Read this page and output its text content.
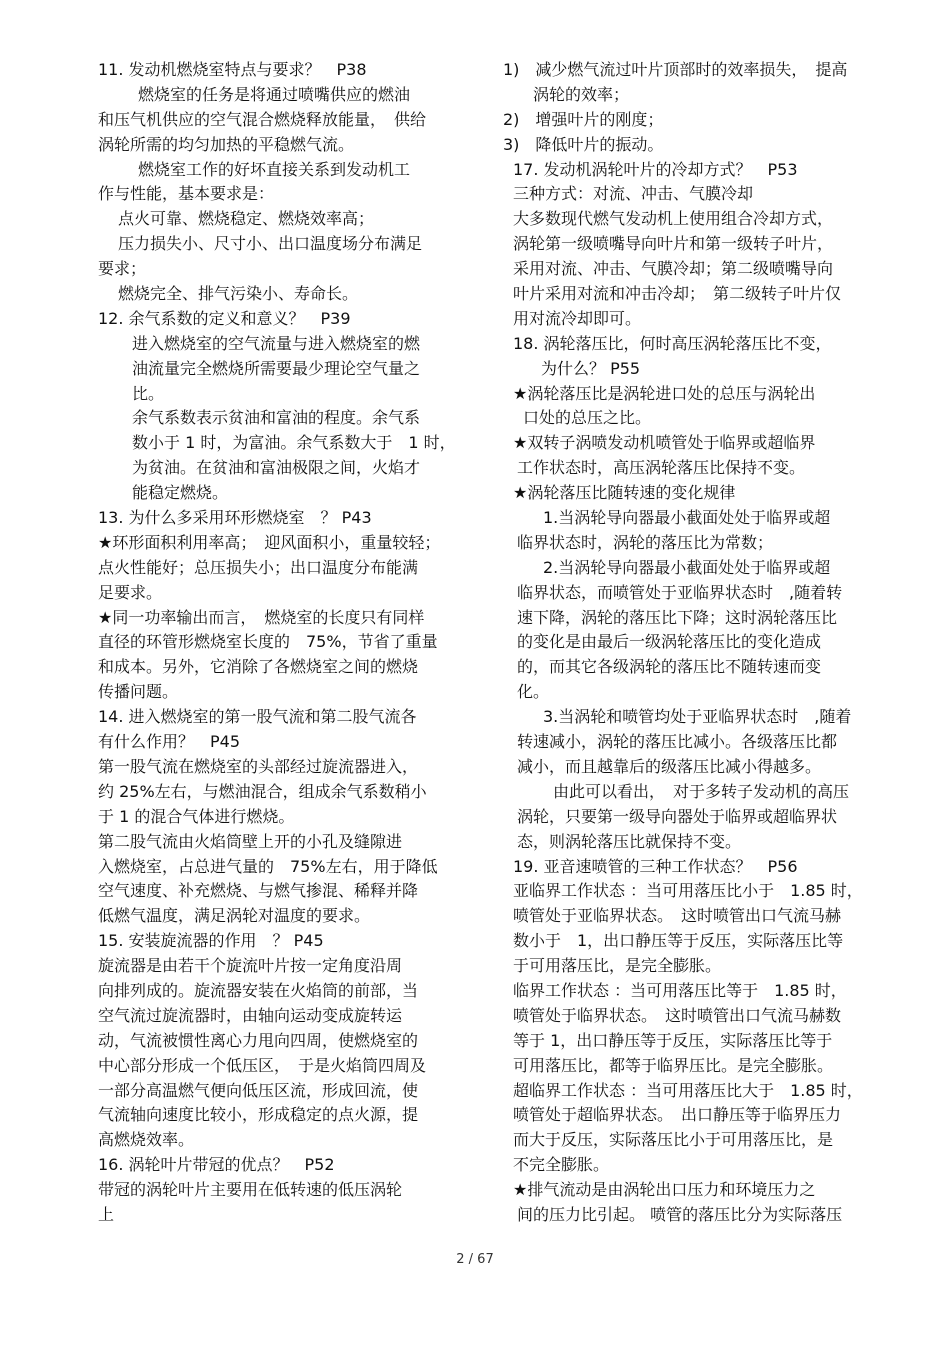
11. 发动机燃烧室特点与要求？　P38
燃烧室的任务是将通过喷嘴供应的燃油
和压气机供应的空气混合燃烧释放能量，　供给
涡轮所需的均匀加热的平稳燃气流。
燃烧室工作的好坏直接关系到发动机工
作与性能，基本要求是：
点火可靠、燃烧稳定、燃烧效率高；
压力损失小、尺寸小、出口温度场分布满足
要求；
燃烧完全、排气污染小、寿命长。
12. 余气系数的定义和意义？　P39
进入燃烧室的空气流量与进入燃烧室的燃
油流量完全燃烧所需要最少理论空气量之
比。
余气系数表示贫油和富油的程度。余气系
数小于 1 时，为富油。余气系数大于　1 时，
为贫油。在贫油和富油极限之间，火焰才
能稳定燃烧。
13. 为什么多采用环形燃烧室　？ P43
★环形面积利用率高；　迎风面积小，重量较轻；
点火性能好；总压损失小；出口温度分布能满
足要求。
★同一功率输出而言，　燃烧室的长度只有同样
直径的环管形燃烧室长度的　75%，节省了重量
和成本。另外，它消除了各燃烧室之间的燃烧
传播问题。
14. 进入燃烧室的第一股气流和第二股气流各
有什么作用？　P45
第一股气流在燃烧室的头部经过旋流器进入，
约 25%左右，与燃油混合，组成余气系数稍小
于 1 的混合气体进行燃烧。
第二股气流由火焰筒壁上开的小孔及缝隙进
入燃烧室，占总进气量的　75%左右，用于降低
空气速度、补充燃烧、与燃气掺混、稀释并降
低燃气温度，满足涡轮对温度的要求。
15. 安装旋流器的作用　？ P45
旋流器是由若干个旋流叶片按一定角度沿周
向排列成的。旋流器安装在火焰筒的前部，当
空气流过旋流器时，由轴向运动变成旋转运
动，气流被惯性离心力甩向四周，使燃烧室的
中心部分形成一个低压区，　于是火焰筒四周及
一部分高温燃气便向低压区流，形成回流，使
气流轴向速度比较小，形成稳定的点火源，提
高燃烧效率。
16. 涡轮叶片带冠的优点？　P52
带冠的涡轮叶片主要用在低转速的低压涡轮
上
1)　减少燃气流过叶片顶部时的效率损失，　提高
涡轮的效率；
2)　增强叶片的刚度；
3)　降低叶片的振动。
17. 发动机涡轮叶片的冷却方式？　P53
三种方式：对流、冲击、气膜冷却
大多数现代燃气发动机上使用组合冷却方式，
涡轮第一级喷嘴导向叶片和第一级转子叶片，
采用对流、冲击、气膜冷却；第二级喷嘴导向
叶片采用对流和冲击冷却；　第二级转子叶片仅
用对流冷却即可。
18. 涡轮落压比，何时高压涡轮落压比不变，
为什么？ P55
★涡轮落压比是涡轮进口处的总压与涡轮出
口处的总压之比。
★双转子涡喷发动机喷管处于临界或超临界
工作状态时，高压涡轮落压比保持不变。
★涡轮落压比随转速的变化规律
1.当涡轮导向器最小截面处处于临界或超
临界状态时，涡轮的落压比为常数；
2.当涡轮导向器最小截面处处于临界或超
临界状态，而喷管处于亚临界状态时　,随着转
速下降，涡轮的落压比下降；这时涡轮落压比
的变化是由最后一级涡轮落压比的变化造成
的，而其它各级涡轮的落压比不随转速而变
化。
3.当涡轮和喷管均处于亚临界状态时　,随着
转速减小，涡轮的落压比减小。各级落压比都
减小，而且越靠后的级落压比减小得越多。
由此可以看出，　对于多转子发动机的高压
涡轮，只要第一级导向器处于临界或超临界状
态，则涡轮落压比就保持不变。
19. 亚音速喷管的三种工作状态？　P56
亚临界工作状态 ：当可用落压比小于　1.85 时，
喷管处于亚临界状态。　这时喷管出口气流马赫
数小于　1，出口静压等于反压，实际落压比等
于可用落压比，是完全膨胀。
临界工作状态 ：当可用落压比等于　1.85 时，
喷管处于临界状态。　这时喷管出口气流马赫数
等于 1，出口静压等于反压，实际落压比等于
可用落压比，都等于临界压比。是完全膨胀。
超临界工作状态 ：当可用落压比大于　1.85 时，
喷管处于超临界状态。　出口静压等于临界压力
而大于反压，实际落压比小于可用落压比，是
不完全膨胀。
★排气流动是由涡轮出口压力和环境压力之
间的压力比引起。 喷管的落压比分为实际落压
2 / 67
